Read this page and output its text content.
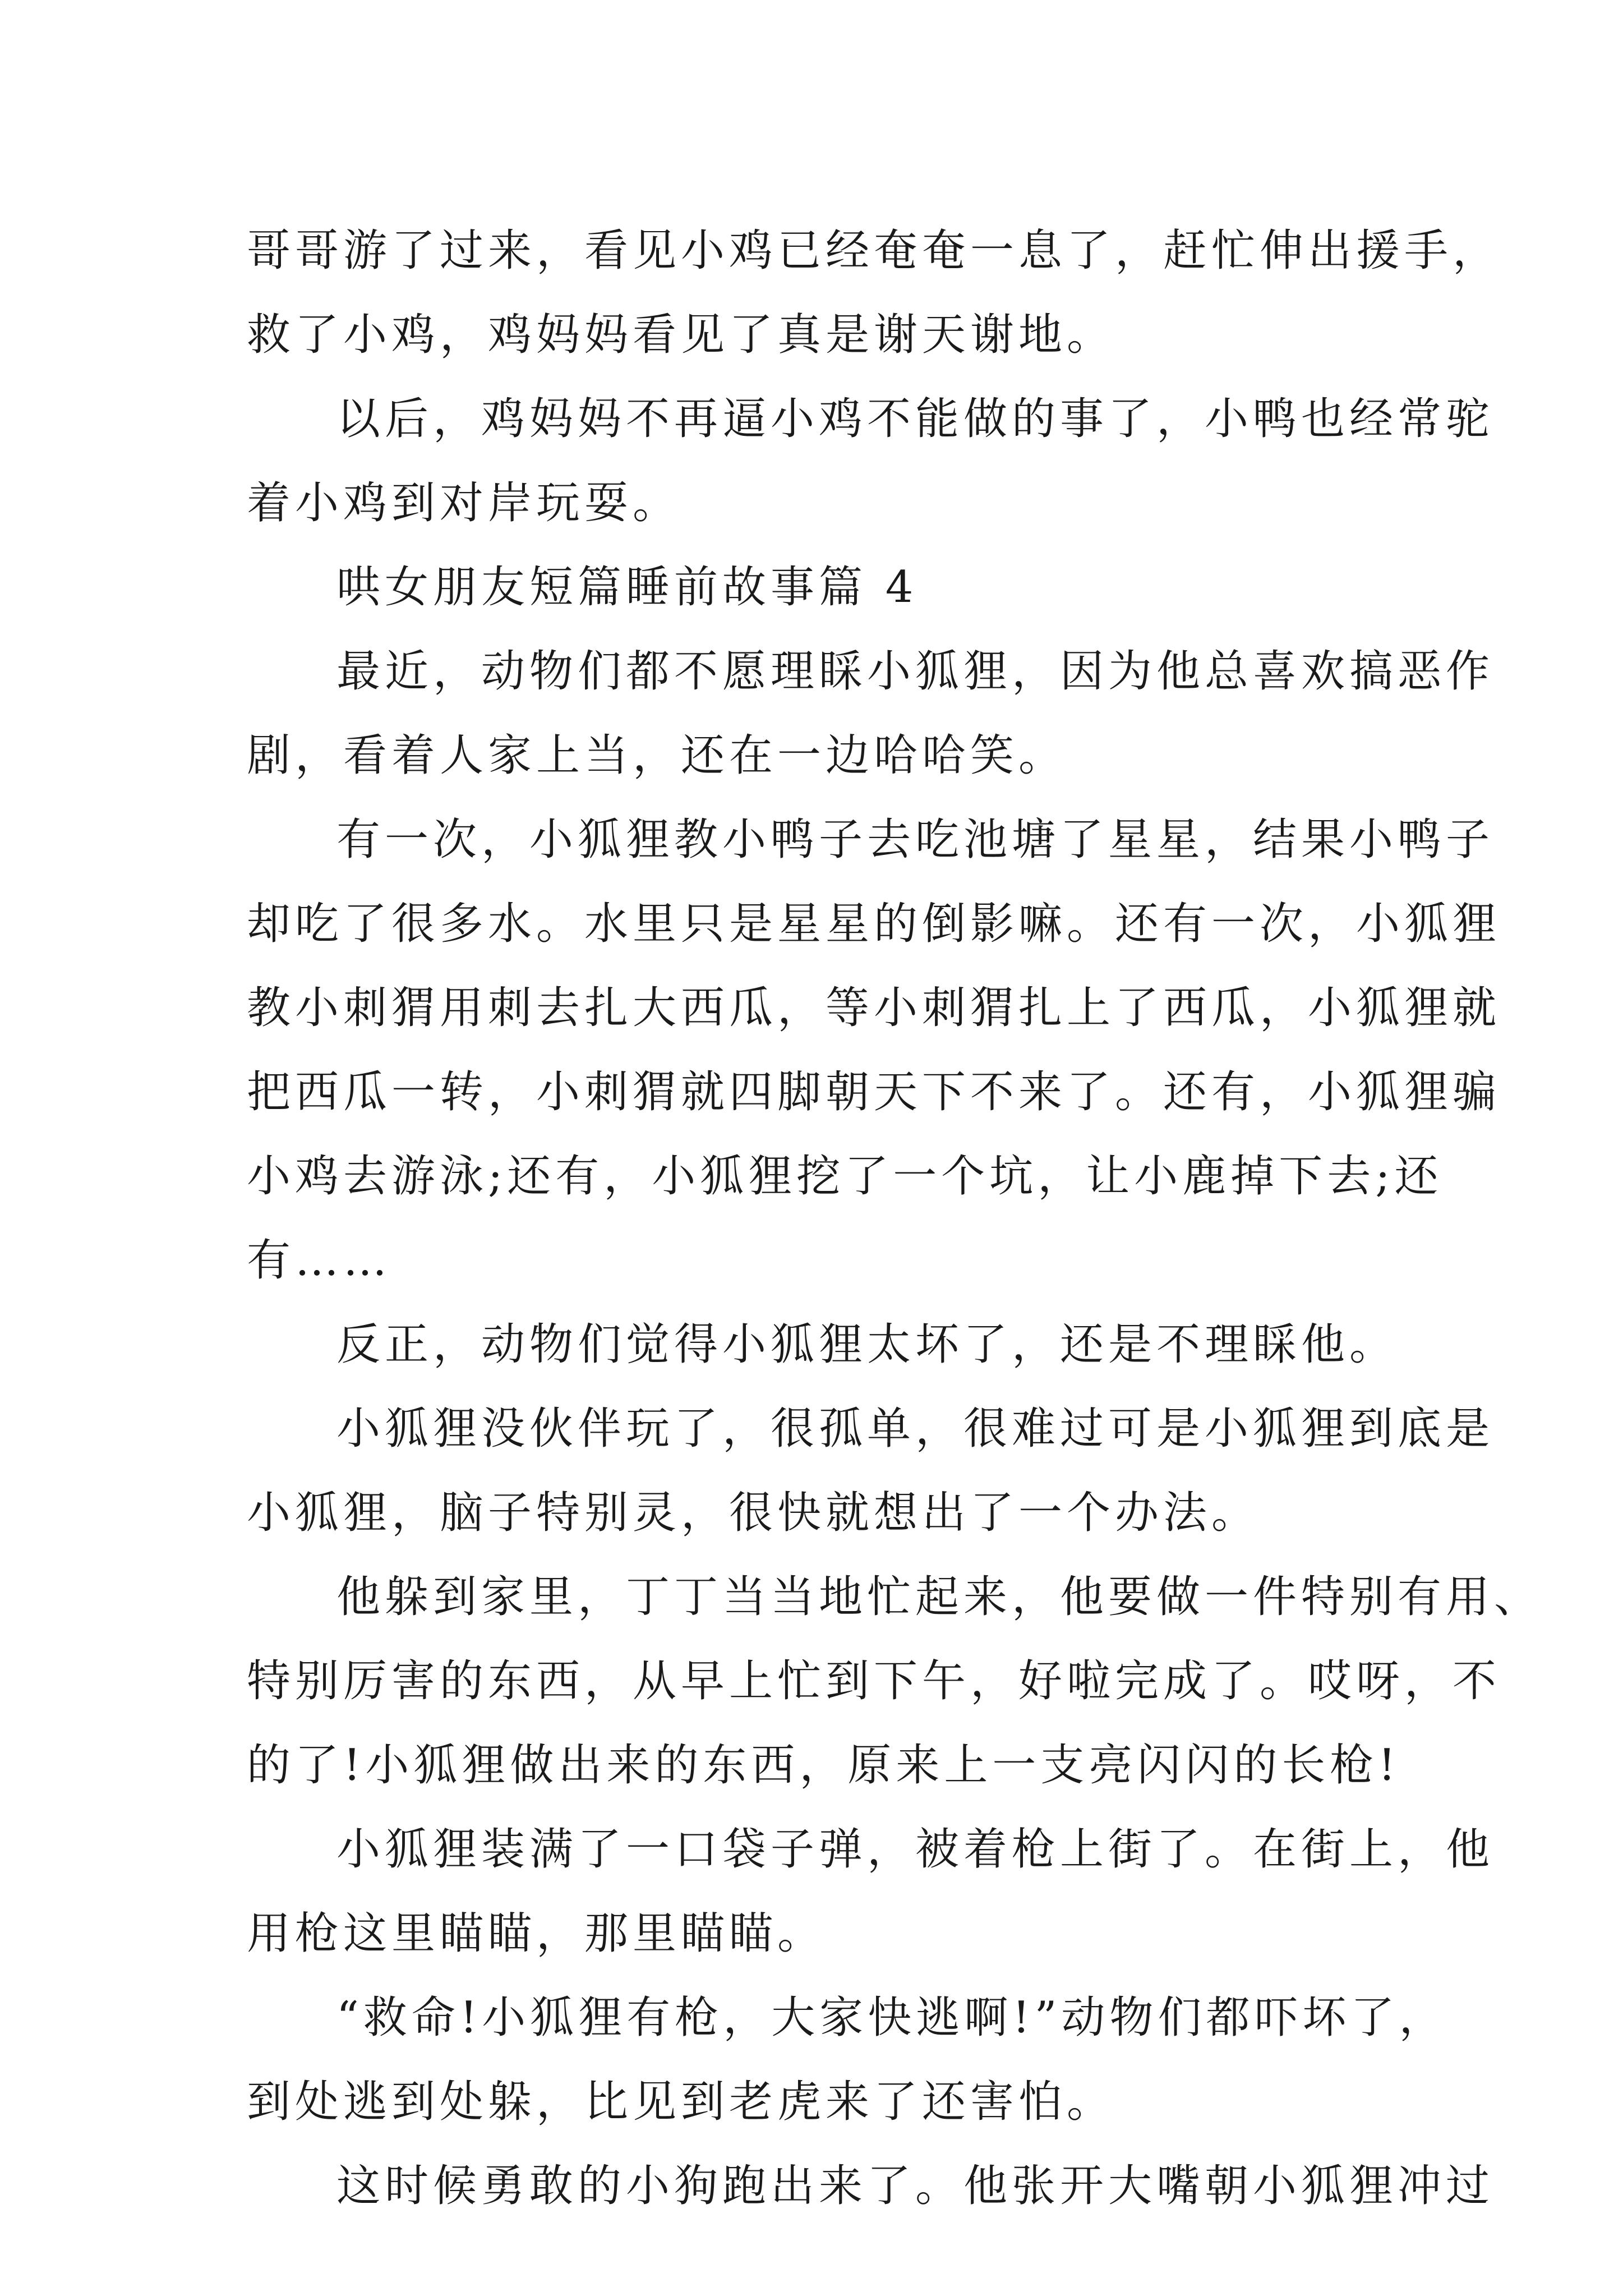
哥哥游了过来，看见小鸡已经奄奄一息了，赶忙伸出援手，
救了小鸡，鸡妈妈看见了真是谢天谢地。
以后，鸡妈妈不再逼小鸡不能做的事了，小鸭也经常驼
着小鸡到对岸玩耍。
哄女朋友短篇睡前故事篇 4
最近，动物们都不愿理睬小狐狸，因为他总喜欢搞恶作
剧，看着人家上当，还在一边哈哈笑。
有一次，小狐狸教小鸭子去吃池塘了星星，结果小鸭子
却吃了很多水。水里只是星星的倒影嘛。还有一次，小狐狸
教小刺猬用刺去扎大西瓜，等小刺猬扎上了西瓜，小狐狸就
把西瓜一转，小刺猬就四脚朝天下不来了。还有，小狐狸骗
小鸡去游泳;还有，小狐狸挖了一个坑，让小鹿掉下去;还
有……
反正，动物们觉得小狐狸太坏了，还是不理睬他。
小狐狸没伙伴玩了，很孤单，很难过可是小狐狸到底是
小狐狸，脑子特别灵，很快就想出了一个办法。
他躲到家里，丁丁当当地忙起来，他要做一件特别有用、
特别厉害的东西，从早上忙到下午，好啦完成了。哎呀，不
的了!小狐狸做出来的东西，原来上一支亮闪闪的长枪!
小狐狸装满了一口袋子弹，被着枪上街了。在街上，他
用枪这里瞄瞄，那里瞄瞄。
“救命!小狐狸有枪，大家快逃啊!”动物们都吓坏了，
到处逃到处躲，比见到老虎来了还害怕。
这时候勇敢的小狗跑出来了。他张开大嘴朝小狐狸冲过
